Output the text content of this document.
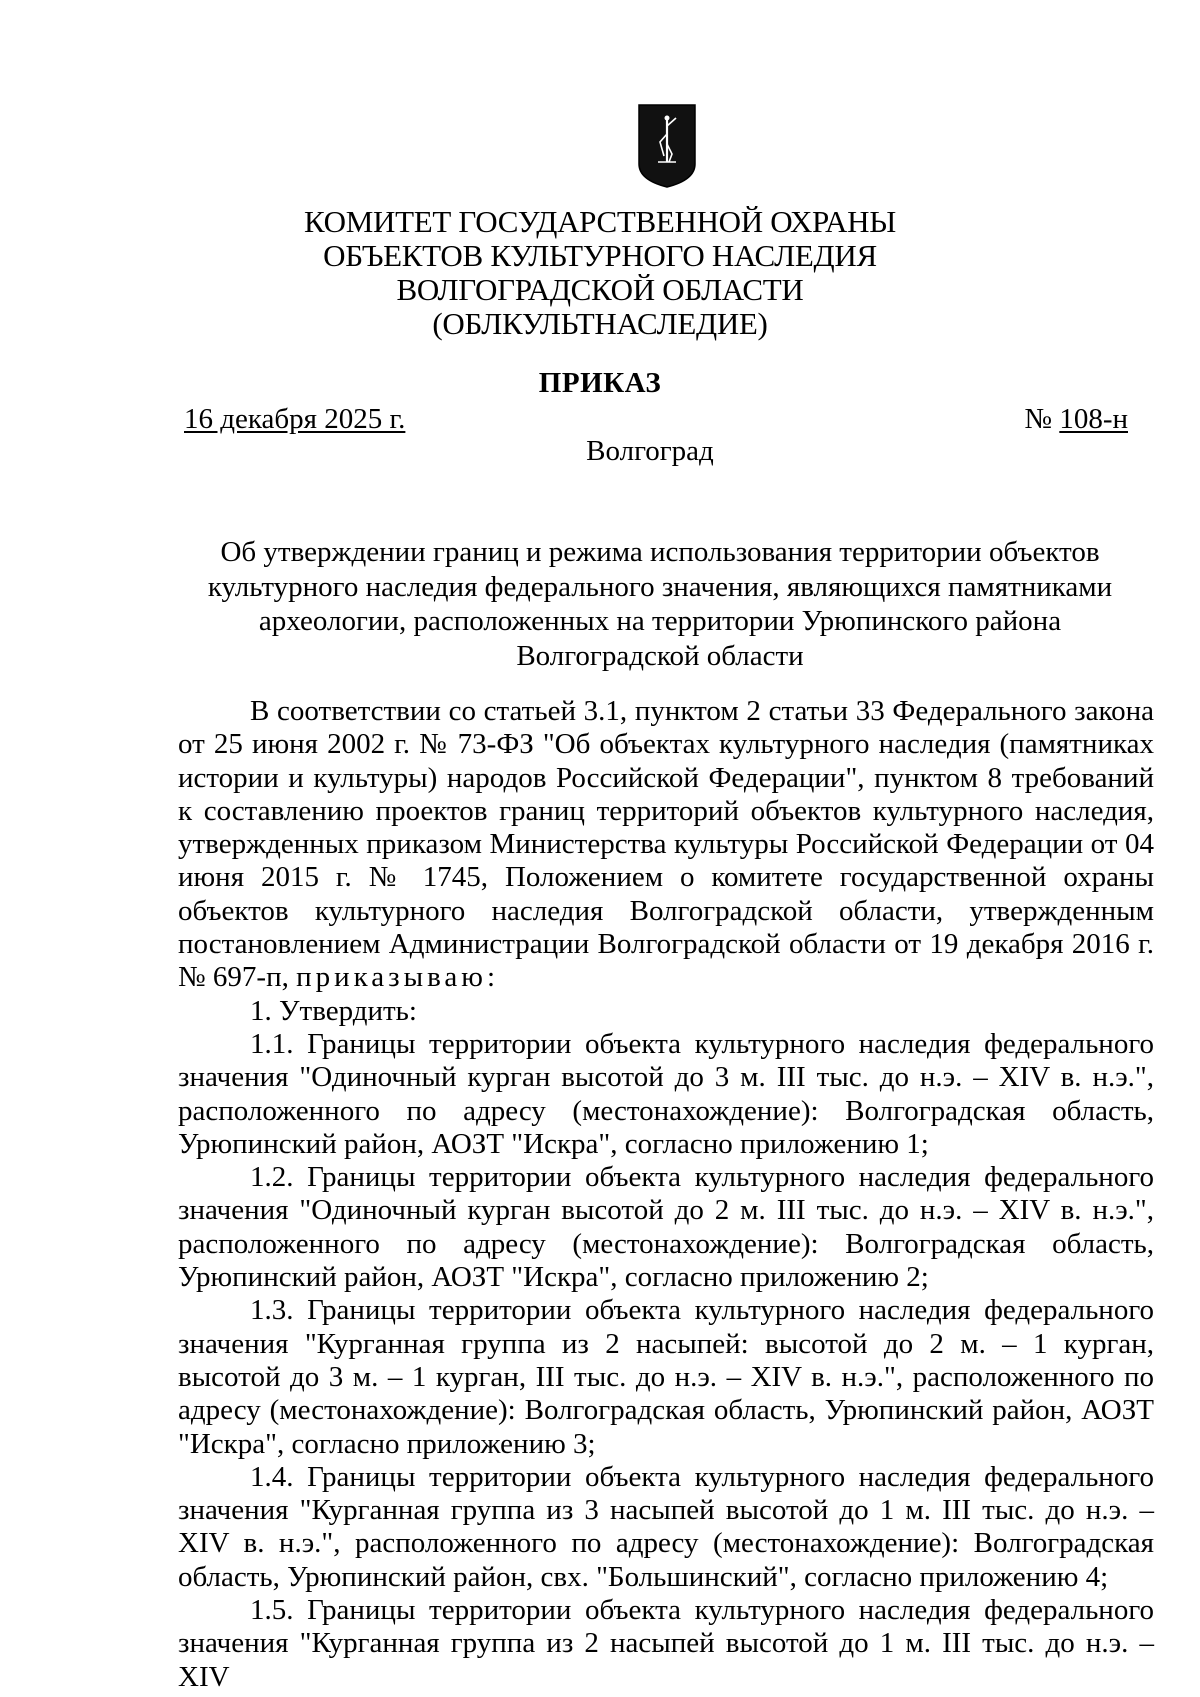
КОМИТЕТ ГОСУДАРСТВЕННОЙ ОХРАНЫ
ОБЪЕКТОВ КУЛЬТУРНОГО НАСЛЕДИЯ
ВОЛГОГРАДСКОЙ ОБЛАСТИ
(ОБЛКУЛЬТНАСЛЕДИЕ)
ПРИКАЗ
16 декабря 2025 г.	№ 108-н
Волгоград
Об утверждении границ и режима использования территории объектов
культурного наследия федерального значения, являющихся памятниками
археологии, расположенных на территории Урюпинского района
Волгоградской области

В соответствии со статьей 3.1, пунктом 2 статьи 33 Федерального закона от 25 июня 2002 г. № 73-ФЗ "Об объектах культурного наследия (памятниках истории и культуры) народов Российской Федерации", пунктом 8 требований к составлению проектов границ территорий объектов культурного наследия, утвержденных приказом Министерства культуры Российской Федерации от 04 июня 2015 г. № 1745, Положением о комитете государственной охраны объектов культурного наследия Волгоградской области, утвержденным постановлением Администрации Волгоградской области от 19 декабря 2016 г. № 697-п, приказываю:

1. Утвердить:

1.1. Границы территории объекта культурного наследия федерального значения "Одиночный курган высотой до 3 м. III тыс. до н.э. – XIV в. н.э.", расположенного по адресу (местонахождение): Волгоградская область, Урюпинский район, АОЗТ "Искра", согласно приложению 1;

1.2. Границы территории объекта культурного наследия федерального значения "Одиночный курган высотой до 2 м. III тыс. до н.э. – XIV в. н.э.", расположенного по адресу (местонахождение): Волгоградская область, Урюпинский район, АОЗТ "Искра", согласно приложению 2;

1.3. Границы территории объекта культурного наследия федерального значения "Курганная группа из 2 насыпей: высотой до 2 м. – 1 курган, высотой до 3 м. – 1 курган, III тыс. до н.э. – XIV в. н.э.", расположенного по адресу (местонахождение): Волгоградская область, Урюпинский район, АОЗТ "Искра", согласно приложению 3;

1.4. Границы территории объекта культурного наследия федерального значения "Курганная группа из 3 насыпей высотой до 1 м. III тыс. до н.э. – XIV в. н.э.", расположенного по адресу (местонахождение): Волгоградская область, Урюпинский район, свх. "Большинский", согласно приложению 4;

1.5. Границы территории объекта культурного наследия федерального значения "Курганная группа из 2 насыпей высотой до 1 м. III тыс. до н.э. – XIV
